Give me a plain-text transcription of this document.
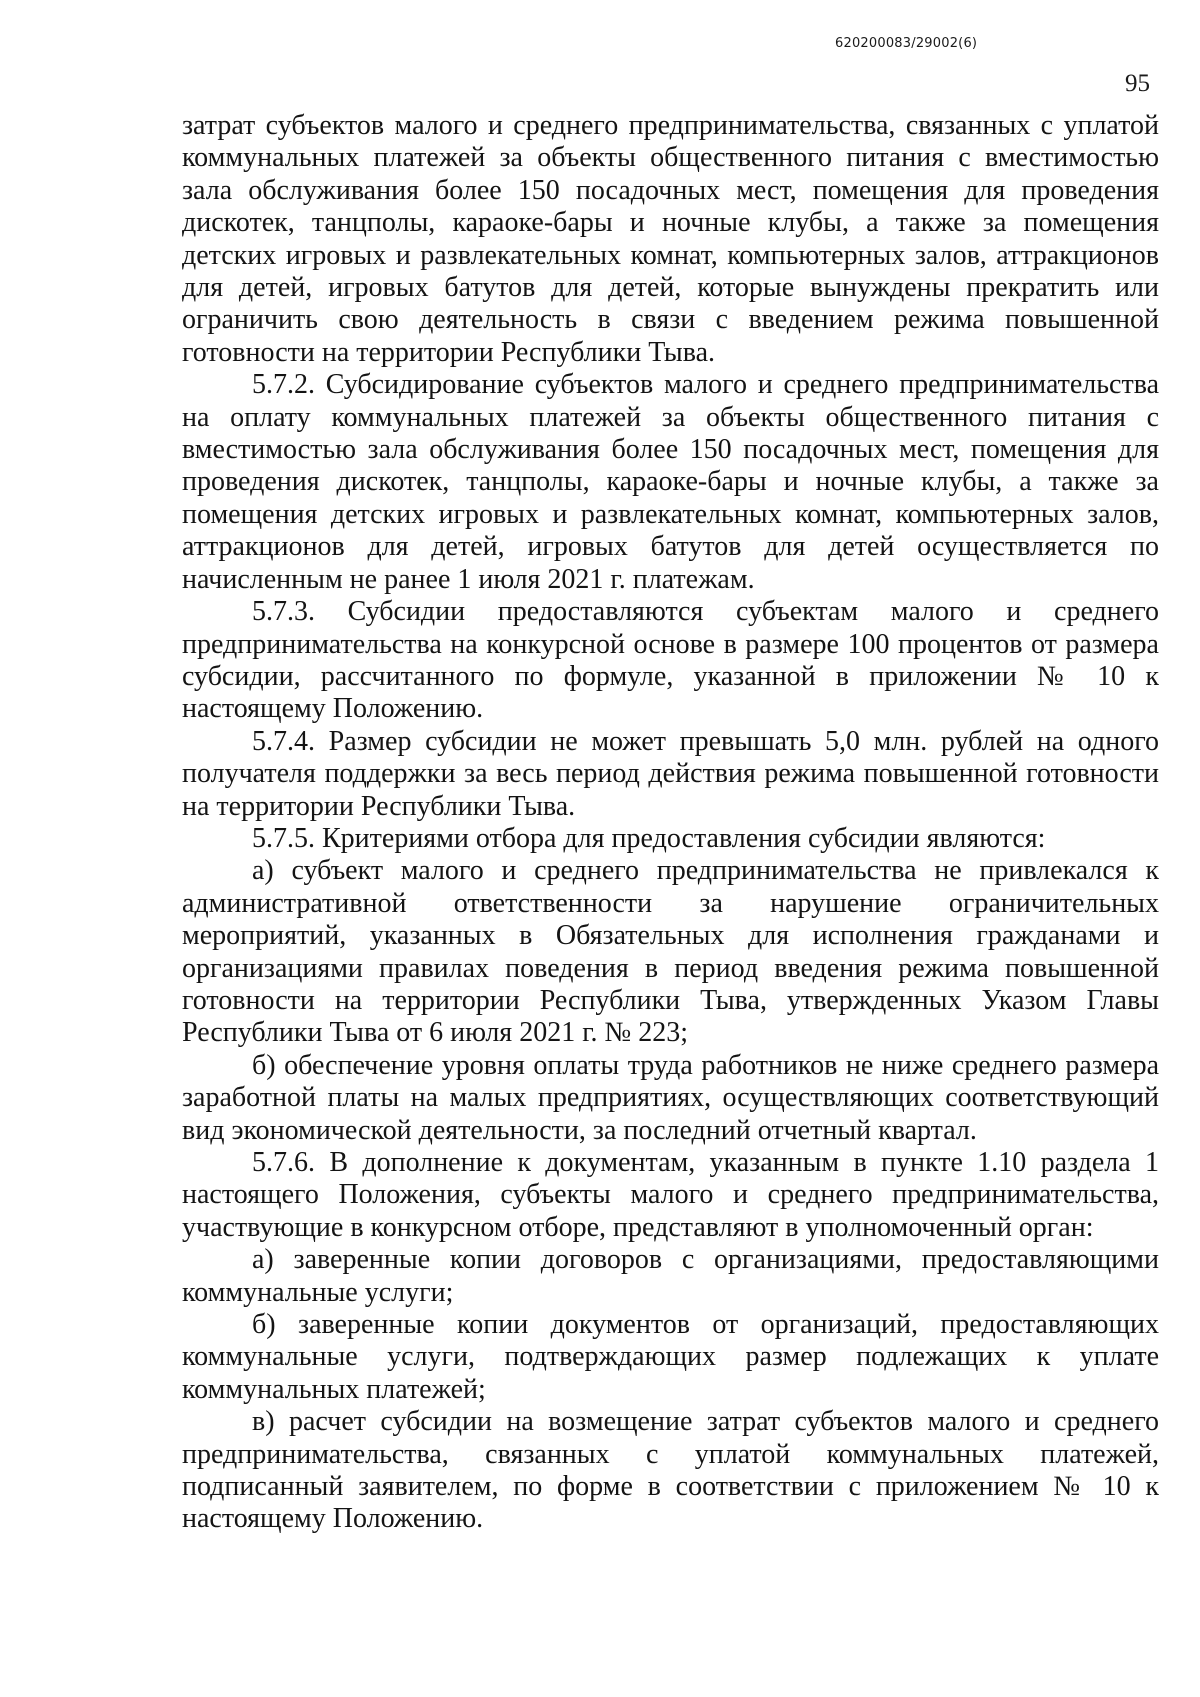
620200083/29002(6)
95

затрат субъектов малого и среднего предпринимательства, связанных с уплатой коммунальных платежей за объекты общественного питания с вместимостью зала обслуживания более 150 посадочных мест, помещения для проведения дискотек, танцполы, караоке-бары и ночные клубы, а также за помещения детских игровых и развлекательных комнат, компьютерных залов, аттракционов для детей, игровых батутов для детей, которые вынуждены прекратить или ограничить свою деятельность в связи с введением режима повышенной готовности на территории Республики Тыва.

5.7.2. Субсидирование субъектов малого и среднего предпринимательства на оплату коммунальных платежей за объекты общественного питания с вместимостью зала обслуживания более 150 посадочных мест, помещения для проведения дискотек, танцполы, караоке-бары и ночные клубы, а также за помещения детских игровых и развлекательных комнат, компьютерных залов, аттракционов для детей, игровых батутов для детей осуществляется по начисленным не ранее 1 июля 2021 г. платежам.

5.7.3. Субсидии предоставляются субъектам малого и среднего предпринимательства на конкурсной основе в размере 100 процентов от размера субсидии, рассчитанного по формуле, указанной в приложении № 10 к настоящему Положению.

5.7.4. Размер субсидии не может превышать 5,0 млн. рублей на одного получателя поддержки за весь период действия режима повышенной готовности на территории Республики Тыва.

5.7.5. Критериями отбора для предоставления субсидии являются:

а) субъект малого и среднего предпринимательства не привлекался к административной ответственности за нарушение ограничительных мероприятий, указанных в Обязательных для исполнения гражданами и организациями правилах поведения в период введения режима повышенной готовности на территории Республики Тыва, утвержденных Указом Главы Республики Тыва от 6 июля 2021 г. № 223;

б) обеспечение уровня оплаты труда работников не ниже среднего размера заработной платы на малых предприятиях, осуществляющих соответствующий вид экономической деятельности, за последний отчетный квартал.

5.7.6. В дополнение к документам, указанным в пункте 1.10 раздела 1 настоящего Положения, субъекты малого и среднего предпринимательства, участвующие в конкурсном отборе, представляют в уполномоченный орган:

а) заверенные копии договоров с организациями, предоставляющими коммунальные услуги;

б) заверенные копии документов от организаций, предоставляющих коммунальные услуги, подтверждающих размер подлежащих к уплате коммунальных платежей;

в) расчет субсидии на возмещение затрат субъектов малого и среднего предпринимательства, связанных с уплатой коммунальных платежей, подписанный заявителем, по форме в соответствии с приложением № 10 к настоящему Положению.
